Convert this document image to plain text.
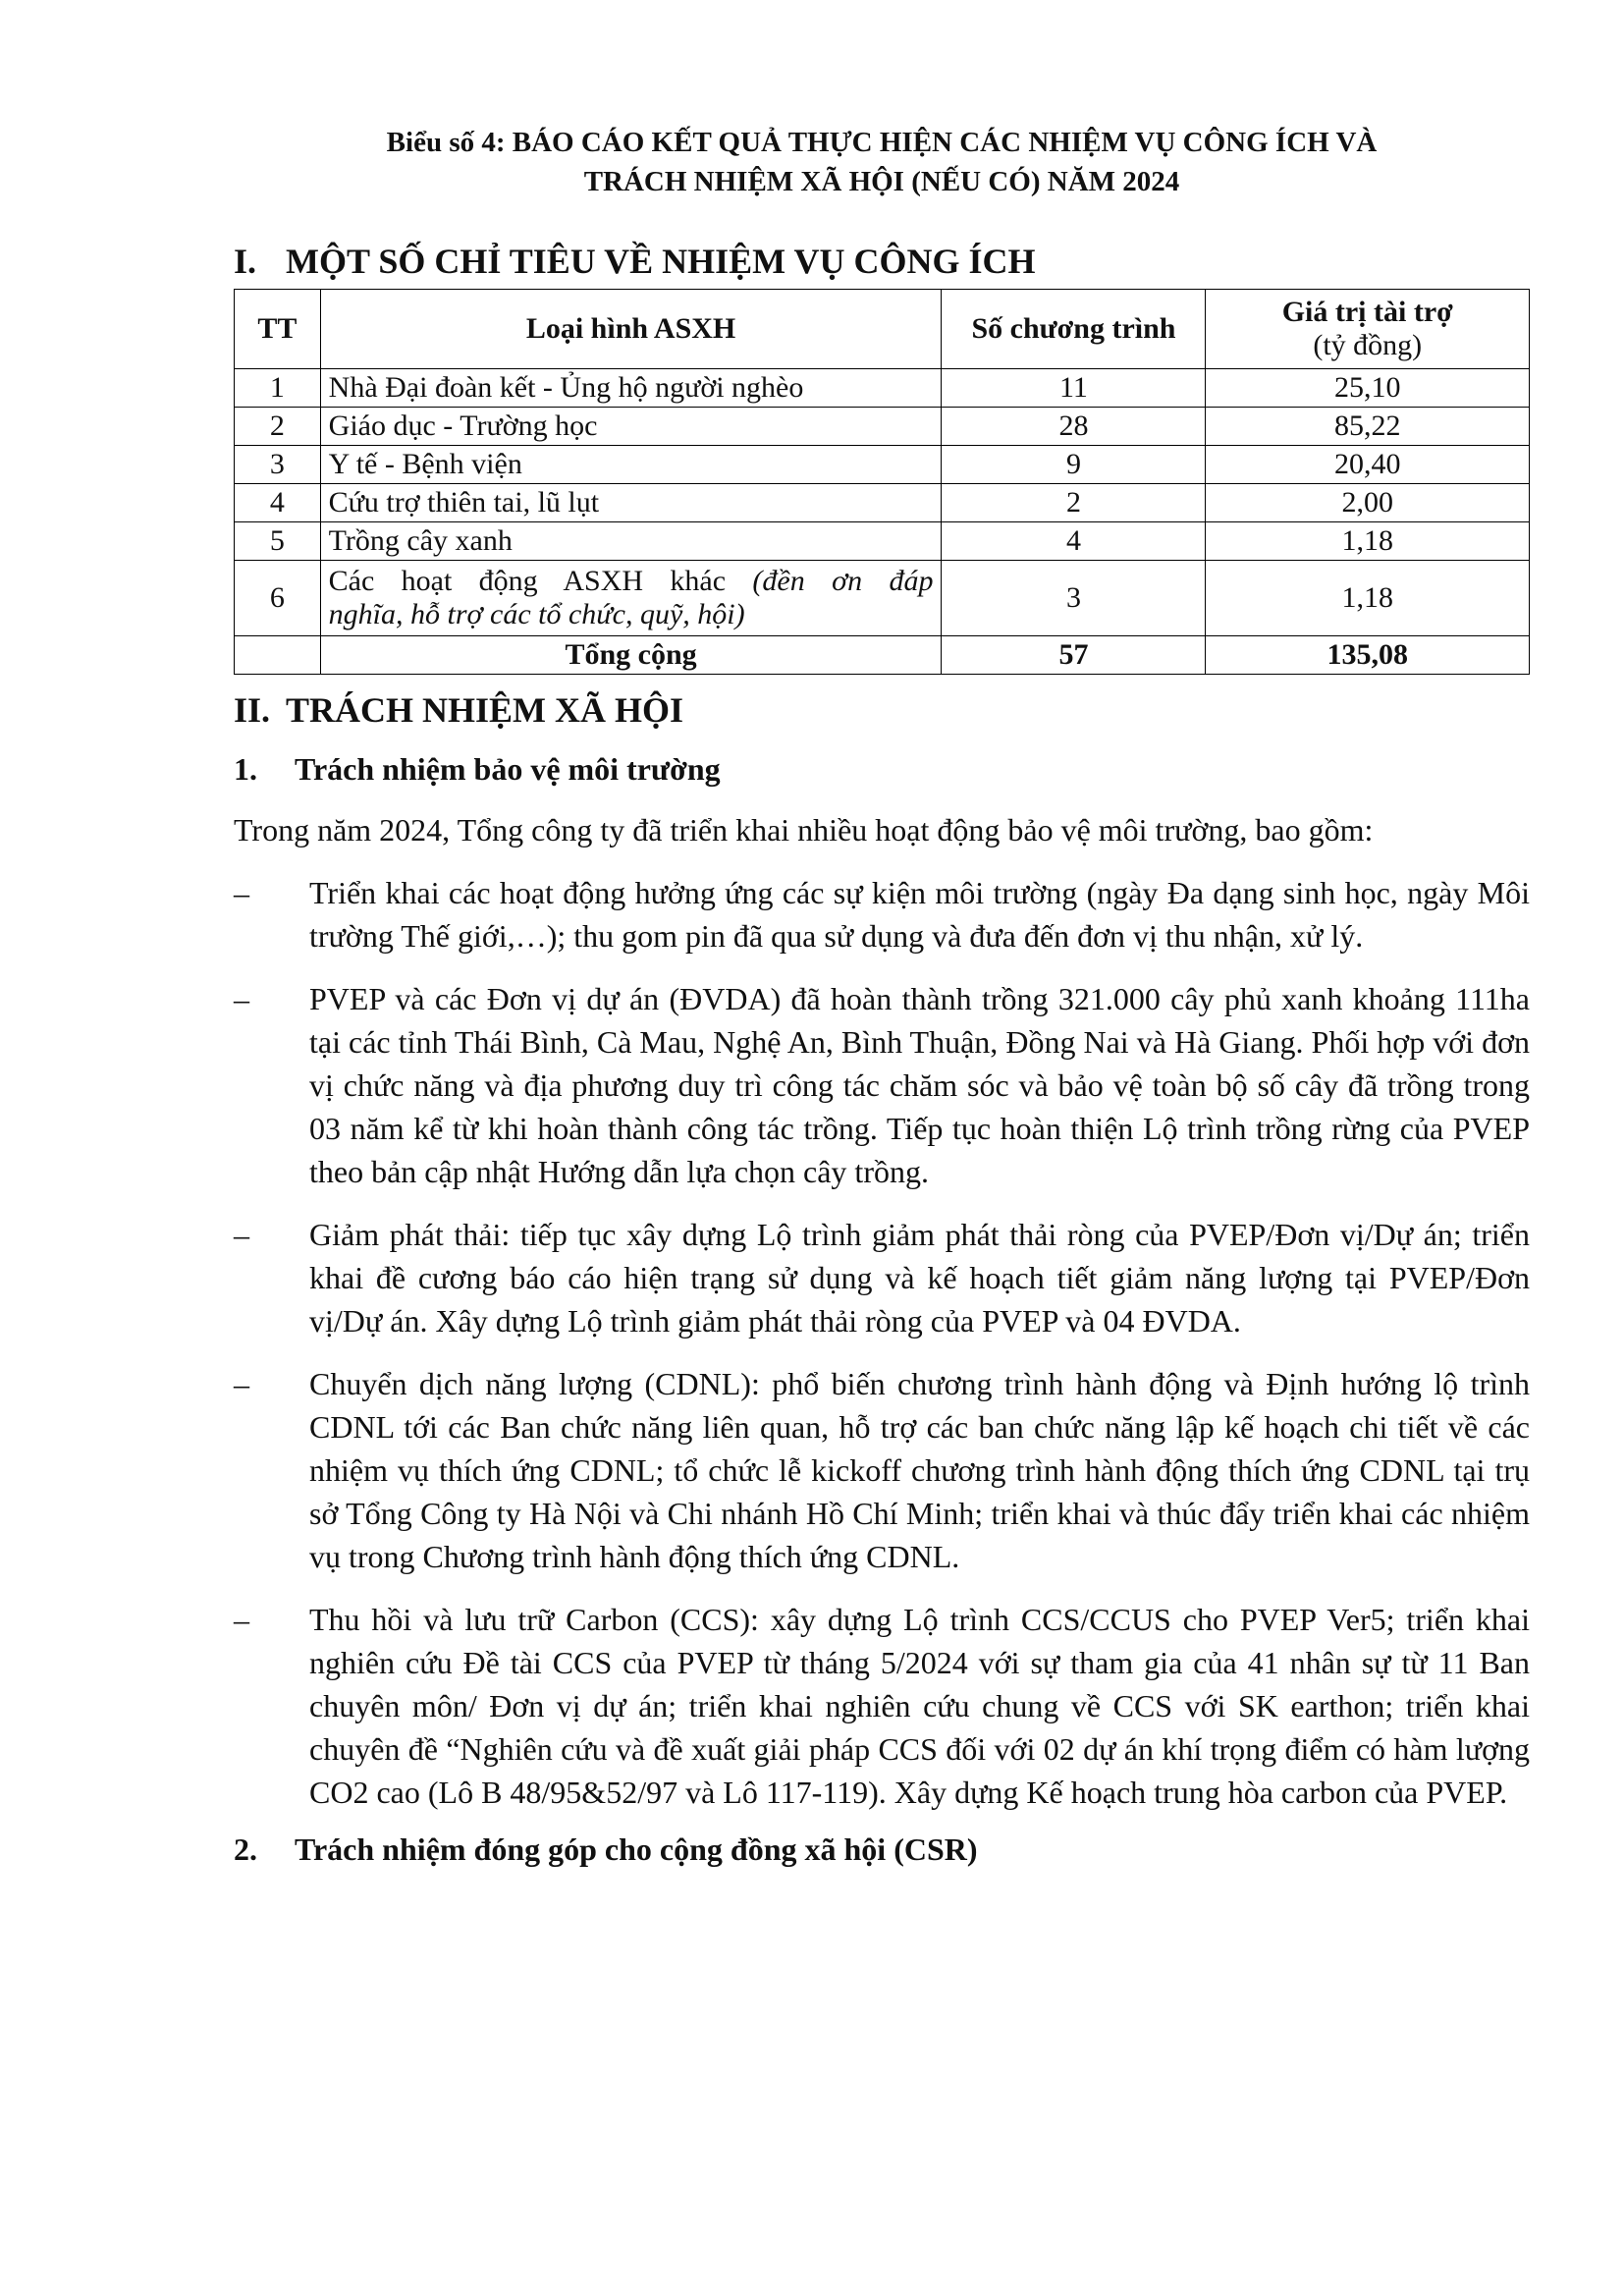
Biểu số 4: BÁO CÁO KẾT QUẢ THỰC HIỆN CÁC NHIỆM VỤ CÔNG ÍCH VÀ
TRÁCH NHIỆM XÃ HỘI (NẾU CÓ) NĂM 2024

I. MỘT SỐ CHỈ TIÊU VỀ NHIỆM VỤ CÔNG ÍCH
TT	Loại hình ASXH	Số chương trình	Giá trị tài trợ
(tỷ đồng)
1	Nhà Đại đoàn kết - Ủng hộ người nghèo	11	25,10
2	Giáo dục - Trường học	28	85,22
3	Y tế - Bệnh viện	9	20,40
4	Cứu trợ thiên tai, lũ lụt	2	2,00
5	Trồng cây xanh	4	1,18
6	Các hoạt động ASXH khác (đền ơn đáp
nghĩa, hỗ trợ các tổ chức, quỹ, hội)	3	1,18
	Tổng cộng	57	135,08
II. TRÁCH NHIỆM XÃ HỘI
1.	Trách nhiệm bảo vệ môi trường

Trong năm 2024, Tổng công ty đã triển khai nhiều hoạt động bảo vệ môi trường, bao gồm:

–	Triển khai các hoạt động hưởng ứng các sự kiện môi trường (ngày Đa dạng sinh học, ngày Môi trường Thế giới,…); thu gom pin đã qua sử dụng và đưa đến đơn vị thu nhận, xử lý.
–	PVEP và các Đơn vị dự án (ĐVDA) đã hoàn thành trồng 321.000 cây phủ xanh khoảng 111ha tại các tỉnh Thái Bình, Cà Mau, Nghệ An, Bình Thuận, Đồng Nai và Hà Giang. Phối hợp với đơn vị chức năng và địa phương duy trì công tác chăm sóc và bảo vệ toàn bộ số cây đã trồng trong 03 năm kể từ khi hoàn thành công tác trồng. Tiếp tục hoàn thiện Lộ trình trồng rừng của PVEP theo bản cập nhật Hướng dẫn lựa chọn cây trồng.
–	Giảm phát thải: tiếp tục xây dựng Lộ trình giảm phát thải ròng của PVEP/Đơn vị/Dự án; triển khai đề cương báo cáo hiện trạng sử dụng và kế hoạch tiết giảm năng lượng tại PVEP/Đơn vị/Dự án. Xây dựng Lộ trình giảm phát thải ròng của PVEP và 04 ĐVDA.
–	Chuyển dịch năng lượng (CDNL): phổ biến chương trình hành động và Định hướng lộ trình CDNL tới các Ban chức năng liên quan, hỗ trợ các ban chức năng lập kế hoạch chi tiết về các nhiệm vụ thích ứng CDNL; tổ chức lễ kickoff chương trình hành động thích ứng CDNL tại trụ sở Tổng Công ty Hà Nội và Chi nhánh Hồ Chí Minh; triển khai và thúc đẩy triển khai các nhiệm vụ trong Chương trình hành động thích ứng CDNL.
–	Thu hồi và lưu trữ Carbon (CCS): xây dựng Lộ trình CCS/CCUS cho PVEP Ver5; triển khai nghiên cứu Đề tài CCS của PVEP từ tháng 5/2024 với sự tham gia của 41 nhân sự từ 11 Ban chuyên môn/ Đơn vị dự án; triển khai nghiên cứu chung về CCS với SK earthon; triển khai chuyên đề “Nghiên cứu và đề xuất giải pháp CCS đối với 02 dự án khí trọng điểm có hàm lượng CO2 cao (Lô B 48/95&52/97 và Lô 117-119). Xây dựng Kế hoạch trung hòa carbon của PVEP.
2.	Trách nhiệm đóng góp cho cộng đồng xã hội (CSR)
